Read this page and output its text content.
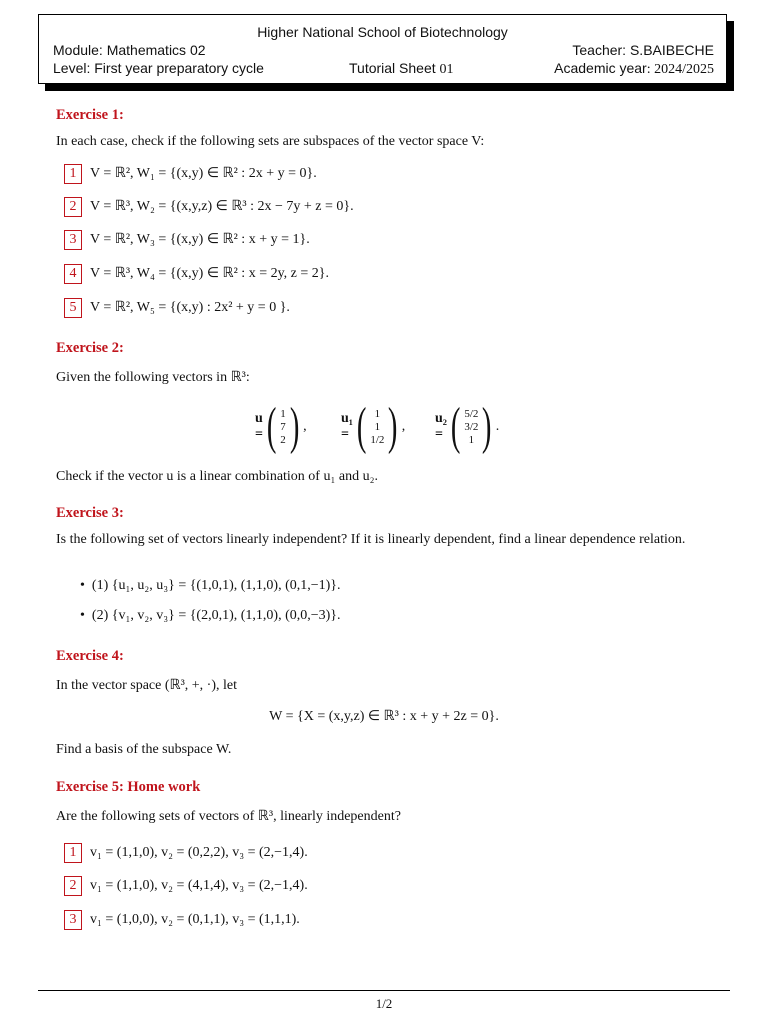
Higher National School of Biotechnology
Module: Mathematics 02	Teacher: S.BAIBECHE
Level: First year preparatory cycle	Tutorial Sheet 01	Academic year: 2024/2025
Exercise 1:
In each case, check if the following sets are subspaces of the vector space V:
1 V = ℝ², W₁ = {(x,y) ∈ ℝ² : 2x + y = 0}.
2 V = ℝ³, W₂ = {(x,y,z) ∈ ℝ³ : 2x − 7y + z = 0}.
3 V = ℝ², W₃ = {(x,y) ∈ ℝ² : x + y = 1}.
4 V = ℝ³, W₄ = {(x,y) ∈ ℝ² : x = 2y, z = 2}.
5 V = ℝ², W₅ = {(x,y) : 2x² + y = 0 }.
Exercise 2:
Given the following vectors in ℝ³:
u = ( 1
7
2 ) ,
u₁ = ( 1
1
1/2 ) ,
u₂ = ( 5/2
3/2
1 ) .
Check if the vector u is a linear combination of u₁ and u₂.
Exercise 3:
Is the following set of vectors linearly independent? If it is linearly dependent, find a linear dependence relation.
•  (1) {u₁, u₂, u₃} = {(1,0,1), (1,1,0), (0,1,−1)}.
•  (2) {v₁, v₂, v₃} = {(2,0,1), (1,1,0), (0,0,−3)}.
Exercise 4:
In the vector space (ℝ³, +, ·), let
W = {X = (x,y,z) ∈ ℝ³ : x + y + 2z = 0}.
Find a basis of the subspace W.
Exercise 5: Home work
Are the following sets of vectors of ℝ³, linearly independent?
1 v₁ = (1,1,0), v₂ = (0,2,2), v₃ = (2,−1,4).
2 v₁ = (1,1,0), v₂ = (4,1,4), v₃ = (2,−1,4).
3 v₁ = (1,0,0), v₂ = (0,1,1), v₃ = (1,1,1).
1/2
